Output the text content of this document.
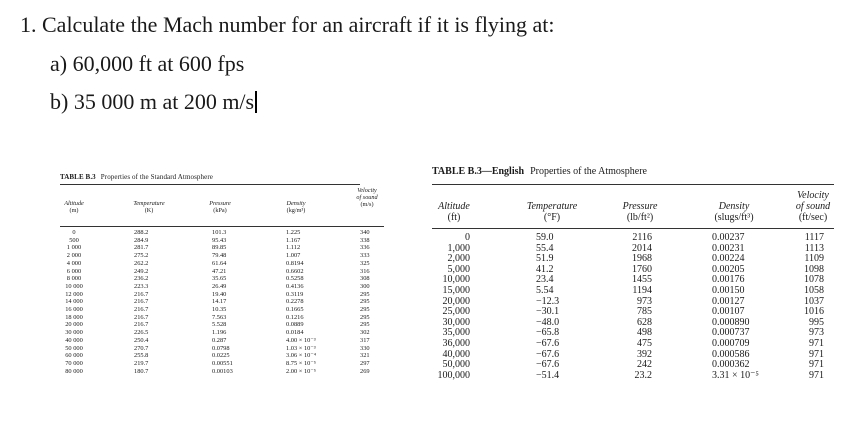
1. Calculate the Mach number for an aircraft if it is flying at:
a) 60,000 ft at 600 fps
b) 35 000 m at 200 m/s
TABLE B.3 Properties of the Standard Atmosphere
Altitude
(m)
Temperature
(K)
Pressure
(kPa)
Density
(kg/m³)
Velocity
of sound
(m/s)
0
500
1 000
2 000
4 000
6 000
8 000
10 000
12 000
14 000
16 000
18 000
20 000
30 000
40 000
50 000
60 000
70 000
80 000
288.2
284.9
281.7
275.2
262.2
249.2
236.2
223.3
216.7
216.7
216.7
216.7
216.7
226.5
250.4
270.7
255.8
219.7
180.7
101.3
95.43
89.85
79.48
61.64
47.21
35.65
26.49
19.40
14.17
10.35
7.563
5.528
1.196
0.287
0.0798
0.0225
0.00551
0.00103
1.225
1.167
1.112
1.007
0.8194
0.6602
0.5258
0.4136
0.3119
0.2278
0.1665
0.1216
0.0889
0.0184
4.00 × 10⁻³
1.03 × 10⁻³
3.06 × 10⁻⁴
8.75 × 10⁻⁵
2.00 × 10⁻⁵
340
338
336
333
325
316
308
300
295
295
295
295
295
302
317
330
321
297
269
TABLE B.3—English Properties of the Atmosphere
Altitude
(ft)
Temperature
(°F)
Pressure
(lb/ft²)
Density
(slugs/ft³)
Velocity
of sound
(ft/sec)
0
1,000
2,000
5,000
10,000
15,000
20,000
25,000
30,000
35,000
36,000
40,000
50,000
100,000
59.0
55.4
51.9
41.2
23.4
5.54
−12.3
−30.1
−48.0
−65.8
−67.6
−67.6
−67.6
−51.4
2116
2014
1968
1760
1455
1194
973
785
628
498
475
392
242
23.2
0.00237
0.00231
0.00224
0.00205
0.00176
0.00150
0.00127
0.00107
0.000890
0.000737
0.000709
0.000586
0.000362
3.31 × 10⁻⁵
1117
1113
1109
1098
1078
1058
1037
1016
995
973
971
971
971
971
